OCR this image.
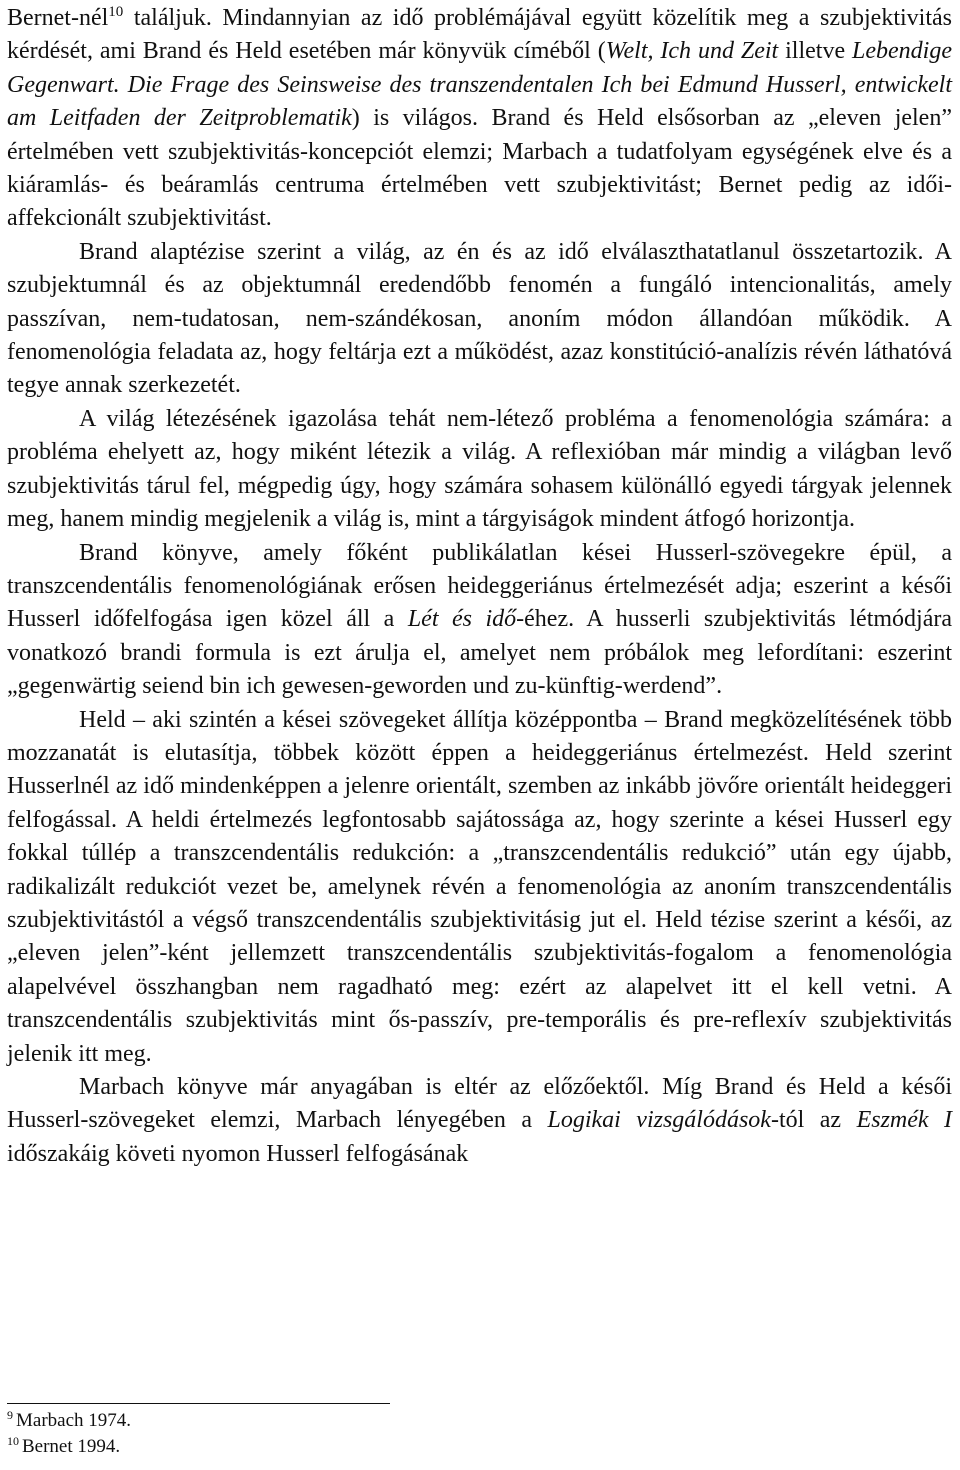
Bernet-nél$^{10}$ találjuk. Mindannyian az idő problémájával együtt közelítik meg a szubjektivitás kérdését, ami Brand és Held esetében már könyvük címéből (Welt, Ich und Zeit illetve Lebendige Gegenwart. Die Frage des Seinsweise des transzendentalen Ich bei Edmund Husserl, entwickelt am Leitfaden der Zeitproblematik) is világos. Brand és Held elsősorban az „eleven jelen” értelmében vett szubjektivitás-koncepciót elemzi; Marbach a tudatfolyam egységének elve és a kiáramlás- és beáramlás centruma értelmében vett szubjektivitást; Bernet pedig az idői-affekcionált szubjektivitást.

Brand alaptézise szerint a világ, az én és az idő elválaszthatatlanul összetartozik. A szubjektumnál és az objektumnál eredendőbb fenomén a fungáló intencionalitás, amely passzívan, nem-tudatosan, nem-szándékosan, anoním módon állandóan működik. A fenomenológia feladata az, hogy feltárja ezt a működést, azaz konstitúció-analízis révén láthatóvá tegye annak szerkezetét.

A világ létezésének igazolása tehát nem-létező probléma a fenomenológia számára: a probléma ehelyett az, hogy miként létezik a világ. A reflexióban már mindig a világban levő szubjektivitás tárul fel, mégpedig úgy, hogy számára sohasem különálló egyedi tárgyak jelennek meg, hanem mindig megjelenik a világ is, mint a tárgyiságok mindent átfogó horizontja.

Brand könyve, amely főként publikálatlan kései Husserl-szövegekre épül, a transzcendentális fenomenológiának erősen heideggeriánus értelmezését adja; eszerint a késői Husserl időfelfogása igen közel áll a Lét és idő-éhez. A husserli szubjektivitás létmódjára vonatkozó brandi formula is ezt árulja el, amelyet nem próbálok meg lefordítani: eszerint „gegenwärtig seiend bin ich gewesen-geworden und zu-künftig-werdend”.

Held – aki szintén a kései szövegeket állítja középpontba – Brand megközelítésének több mozzanatát is elutasítja, többek között éppen a heideggeriánus értelmezést. Held szerint Husserlnél az idő mindenképpen a jelenre orientált, szemben az inkább jövőre orientált heideggeri felfogással. A heldi értelmezés legfontosabb sajátossága az, hogy szerinte a kései Husserl egy fokkal túllép a transzcendentális redukción: a „transzcendentális redukció” után egy újabb, radikalizált redukciót vezet be, amelynek révén a fenomenológia az anoním transzcendentális szubjektivitástól a végső transzcendentális szubjektivitásig jut el. Held tézise szerint a késői, az „eleven jelen”-ként jellemzett transzcendentális szubjektivitás-fogalom a fenomenológia alapelvével összhangban nem ragadható meg: ezért az alapelvet itt el kell vetni. A transzcendentális szubjektivitás mint ős-passzív, pre-temporális és pre-reflexív szubjektivitás jelenik itt meg.

Marbach könyve már anyagában is eltér az előzőektől. Míg Brand és Held a késői Husserl-szövegeket elemzi, Marbach lényegében a Logikai vizsgálódások-tól az Eszmék I időszakáig követi nyomon Husserl felfogásának

$^9$ Marbach 1974.

$^{10}$ Bernet 1994.
